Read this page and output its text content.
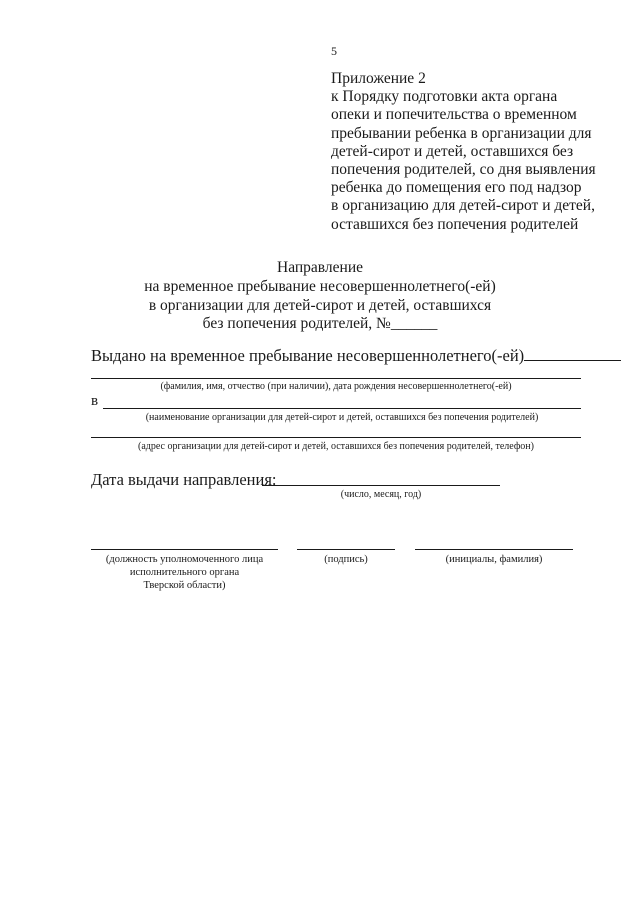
5
Приложение 2
к Порядку подготовки акта органа
опеки и попечительства о временном
пребывании ребенка в организации для
детей-сирот и детей, оставшихся без
попечения родителей, со дня выявления
ребенка до помещения его под надзор
в организацию для детей-сирот и детей,
оставшихся без попечения родителей
Направление
на временное пребывание несовершеннолетнего(-ей)
в организации для детей-сирот и детей, оставшихся
без попечения родителей, №______
Выдано на временное пребывание несовершеннолетнего(-ей)
(фамилия, имя, отчество (при наличии), дата рождения несовершеннолетнего(-ей)
в
(наименование организации для детей-сирот и детей, оставшихся без попечения родителей)
(адрес организации для детей-сирот и детей, оставшихся без попечения родителей, телефон)
Дата выдачи направления:
(число, месяц, год)
(должность уполномоченного лица
исполнительного органа
Тверской области)
(подпись)	(инициалы, фамилия)
